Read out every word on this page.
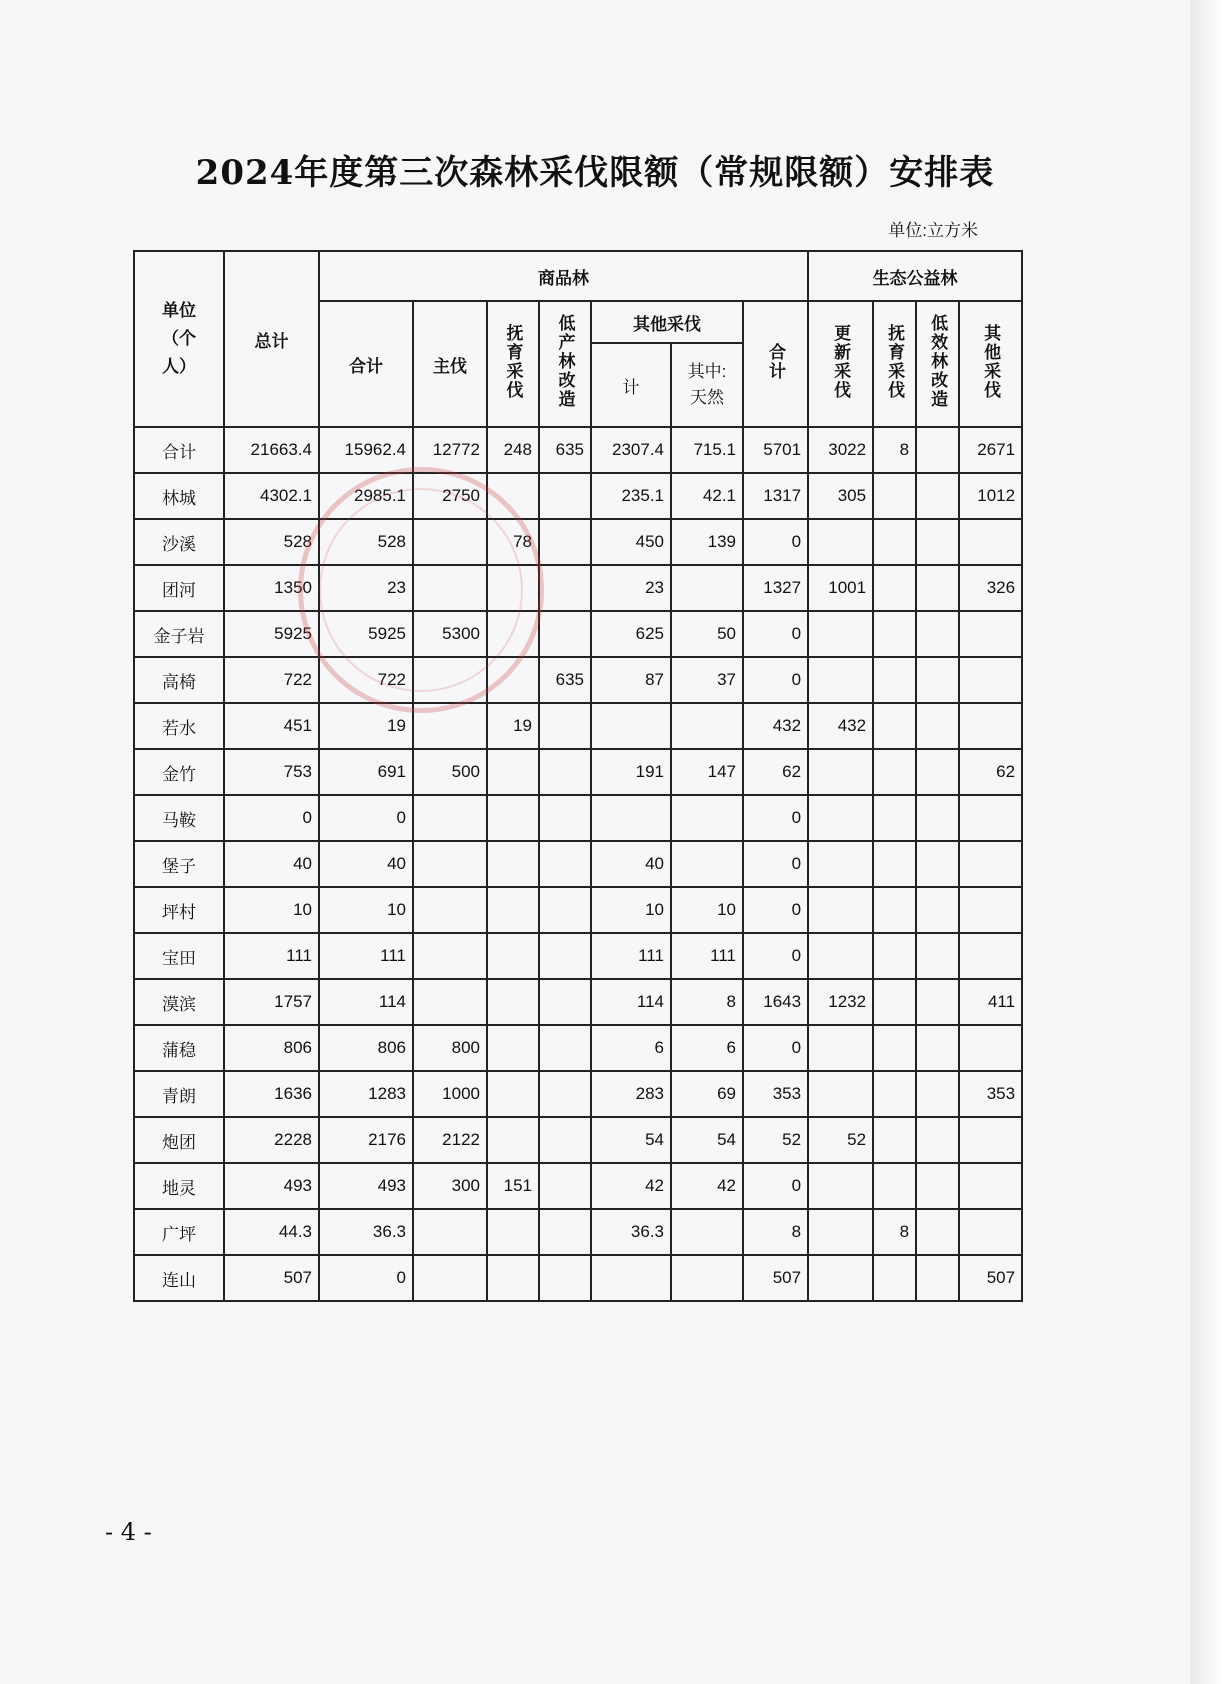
2024年度第三次森林采伐限额（常规限额）安排表
单位:立方米
单位（个人）	总计	商品林							生态公益林			
		合计	主伐	抚育采伐	低产林改造	其他采伐		合计	更新采伐	抚育采伐	低效林改造	其他采伐
						计	其中:天然					
合计	21663.4	15962.4	12772	248	635	2307.4	715.1	5701	3022	8		2671
林城	4302.1	2985.1	2750			235.1	42.1	1317	305			1012
沙溪	528	528		78		450	139	0				
团河	1350	23				23		1327	1001			326
金子岩	5925	5925	5300			625	50	0				
高椅	722	722			635	87	37	0				
若水	451	19		19				432	432			
金竹	753	691	500			191	147	62				62
马鞍	0	0						0				
堡子	40	40				40		0				
坪村	10	10				10	10	0				
宝田	111	111				111	111	0				
漠滨	1757	114				114	8	1643	1232			411
蒲稳	806	806	800			6	6	0				
青朗	1636	1283	1000			283	69	353				353
炮团	2228	2176	2122			54	54	52	52			
地灵	493	493	300	151		42	42	0				
广坪	44.3	36.3				36.3		8		8		
连山	507	0						507				507
- 4 -
